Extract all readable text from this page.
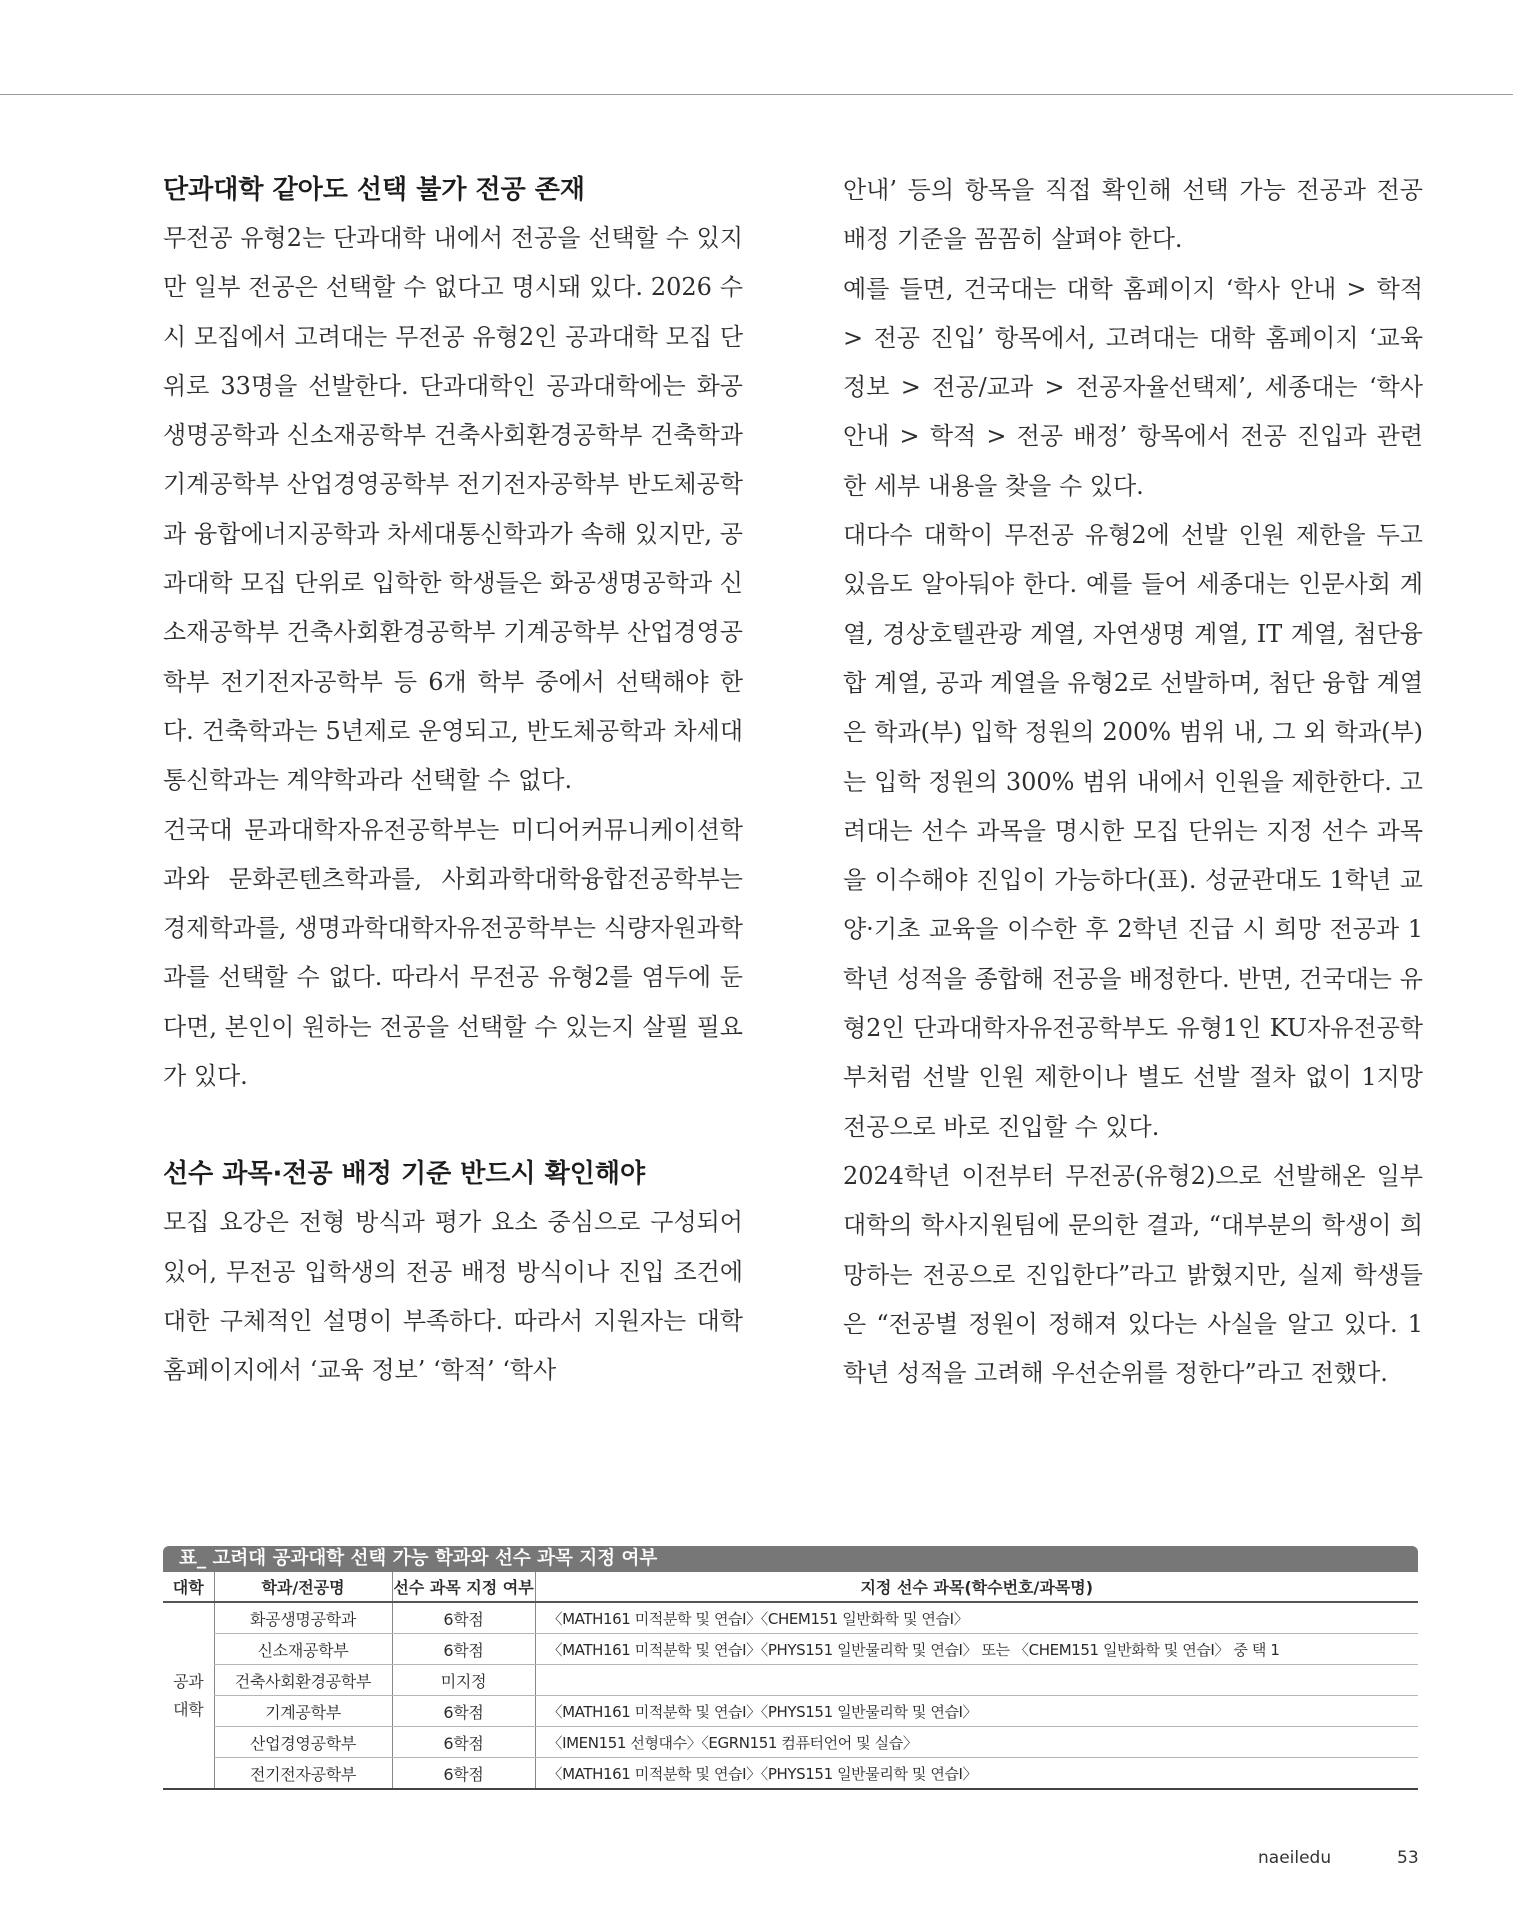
단과대학 같아도 선택 불가 전공 존재

무전공 유형2는 단과대학 내에서 전공을 선택할 수 있지만 일부 전공은 선택할 수 없다고 명시돼 있다. 2026 수시 모집에서 고려대는 무전공 유형2인 공과대학 모집 단위로 33명을 선발한다. 단과대학인 공과대학에는 화공생명공학과 신소재공학부 건축사회환경공학부 건축학과 기계공학부 산업경영공학부 전기전자공학부 반도체공학과 융합에너지공학과 차세대통신학과가 속해 있지만, 공과대학 모집 단위로 입학한 학생들은 화공생명공학과 신소재공학부 건축사회환경공학부 기계공학부 산업경영공학부 전기전자공학부 등 6개 학부 중에서 선택해야 한다. 건축학과는 5년제로 운영되고, 반도체공학과 차세대통신학과는 계약학과라 선택할 수 없다.

건국대 문과대학자유전공학부는 미디어커뮤니케이션학과와 문화콘텐츠학과를, 사회과학대학융합전공학부는 경제학과를, 생명과학대학자유전공학부는 식량자원과학과를 선택할 수 없다. 따라서 무전공 유형2를 염두에 둔다면, 본인이 원하는 전공을 선택할 수 있는지 살필 필요가 있다.

선수 과목·전공 배정 기준 반드시 확인해야

모집 요강은 전형 방식과 평가 요소 중심으로 구성되어 있어, 무전공 입학생의 전공 배정 방식이나 진입 조건에 대한 구체적인 설명이 부족하다. 따라서 지원자는 대학 홈페이지에서 ‘교육 정보’ ‘학적’ ‘학사

안내’ 등의 항목을 직접 확인해 선택 가능 전공과 전공 배정 기준을 꼼꼼히 살펴야 한다.

예를 들면, 건국대는 대학 홈페이지 ‘학사 안내 > 학적 > 전공 진입’ 항목에서, 고려대는 대학 홈페이지 ‘교육 정보 > 전공/교과 > 전공자율선택제’, 세종대는 ‘학사 안내 > 학적 > 전공 배정’ 항목에서 전공 진입과 관련한 세부 내용을 찾을 수 있다.

대다수 대학이 무전공 유형2에 선발 인원 제한을 두고 있음도 알아둬야 한다. 예를 들어 세종대는 인문사회 계열, 경상호텔관광 계열, 자연생명 계열, IT 계열, 첨단융합 계열, 공과 계열을 유형2로 선발하며, 첨단 융합 계열은 학과(부) 입학 정원의 200% 범위 내, 그 외 학과(부)는 입학 정원의 300% 범위 내에서 인원을 제한한다. 고려대는 선수 과목을 명시한 모집 단위는 지정 선수 과목을 이수해야 진입이 가능하다(표). 성균관대도 1학년 교양·기초 교육을 이수한 후 2학년 진급 시 희망 전공과 1학년 성적을 종합해 전공을 배정한다. 반면, 건국대는 유형2인 단과대학자유전공학부도 유형1인 KU자유전공학부처럼 선발 인원 제한이나 별도 선발 절차 없이 1지망 전공으로 바로 진입할 수 있다.

2024학년 이전부터 무전공(유형2)으로 선발해온 일부 대학의 학사지원팀에 문의한 결과, “대부분의 학생이 희망하는 전공으로 진입한다”라고 밝혔지만, 실제 학생들은 “전공별 정원이 정해져 있다는 사실을 알고 있다. 1학년 성적을 고려해 우선순위를 정한다”라고 전했다.

표_ 고려대 공과대학 선택 가능 학과와 선수 과목 지정 여부
대학	학과/전공명	선수 과목 지정 여부	지정 선수 과목(학수번호/과목명)
공과 대학	화공생명공학과	6학점	〈MATH161 미적분학 및 연습Ⅰ〉〈CHEM151 일반화학 및 연습Ⅰ〉
	신소재공학부	6학점	〈MATH161 미적분학 및 연습Ⅰ〉〈PHYS151 일반물리학 및 연습Ⅰ〉 또는 〈CHEM151 일반화학 및 연습Ⅰ〉 중 택 1
	건축사회환경공학부	미지정	
	기계공학부	6학점	〈MATH161 미적분학 및 연습Ⅰ〉〈PHYS151 일반물리학 및 연습Ⅰ〉
	산업경영공학부	6학점	〈IMEN151 선형대수〉〈EGRN151 컴퓨터언어 및 실습〉
	전기전자공학부	6학점	〈MATH161 미적분학 및 연습Ⅰ〉〈PHYS151 일반물리학 및 연습Ⅰ〉
naeiledu	53
